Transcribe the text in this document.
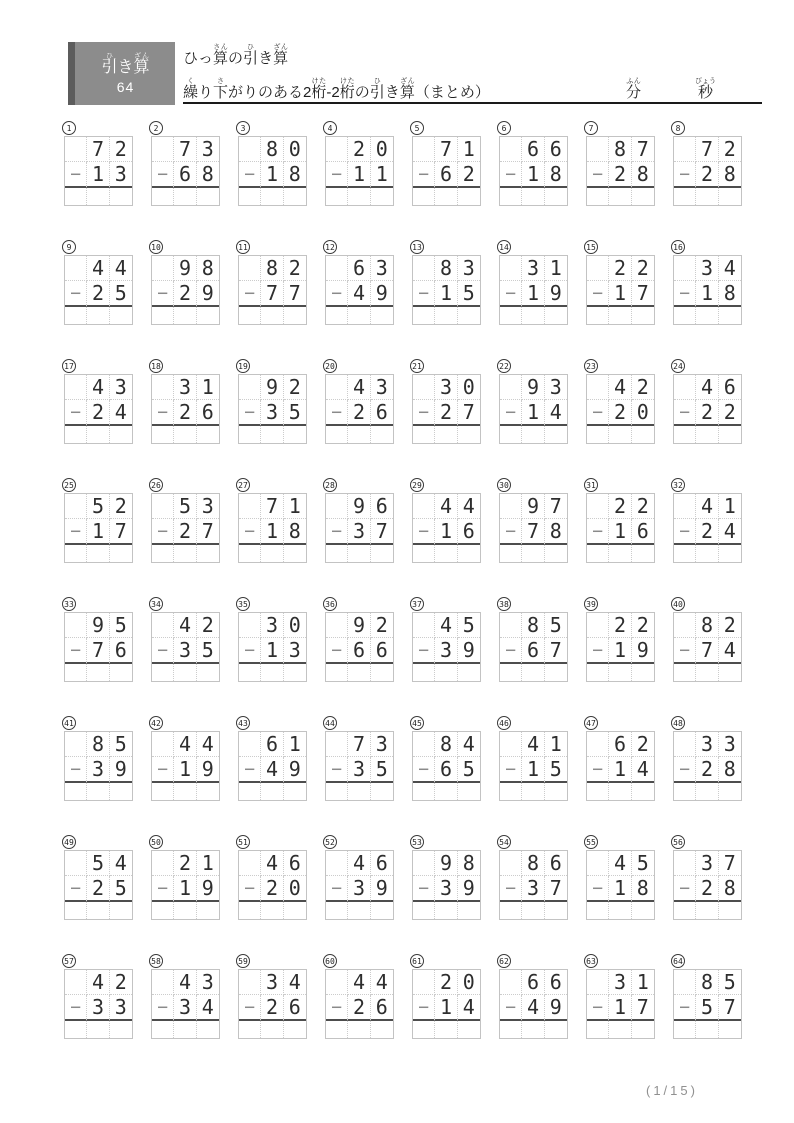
引ひき算ざん
64
ひっ算さんの引ひき算ざん
繰くり下さがりのある2桁けた-2桁けたの引ひき算ざん（まとめ）	分ふん
秒びょう
1
7 2
− 1 3
2
7 3
− 6 8
3
8 0
− 1 8
4
2 0
− 1 1
5
7 1
− 6 2
6
6 6
− 1 8
7
8 7
− 2 8
8
7 2
− 2 8
9
4 4
− 2 5
10
9 8
− 2 9
11
8 2
− 7 7
12
6 3
− 4 9
13
8 3
− 1 5
14
3 1
− 1 9
15
2 2
− 1 7
16
3 4
− 1 8
17
4 3
− 2 4
18
3 1
− 2 6
19
9 2
− 3 5
20
4 3
− 2 6
21
3 0
− 2 7
22
9 3
− 1 4
23
4 2
− 2 0
24
4 6
− 2 2
25
5 2
− 1 7
26
5 3
− 2 7
27
7 1
− 1 8
28
9 6
− 3 7
29
4 4
− 1 6
30
9 7
− 7 8
31
2 2
− 1 6
32
4 1
− 2 4
33
9 5
− 7 6
34
4 2
− 3 5
35
3 0
− 1 3
36
9 2
− 6 6
37
4 5
− 3 9
38
8 5
− 6 7
39
2 2
− 1 9
40
8 2
− 7 4
41
8 5
− 3 9
42
4 4
− 1 9
43
6 1
− 4 9
44
7 3
− 3 5
45
8 4
− 6 5
46
4 1
− 1 5
47
6 2
− 1 4
48
3 3
− 2 8
49
5 4
− 2 5
50
2 1
− 1 9
51
4 6
− 2 0
52
4 6
− 3 9
53
9 8
− 3 9
54
8 6
− 3 7
55
4 5
− 1 8
56
3 7
− 2 8
57
4 2
− 3 3
58
4 3
− 3 4
59
3 4
− 2 6
60
4 4
− 2 6
61
2 0
− 1 4
62
6 6
− 4 9
63
3 1
− 1 7
64
8 5
− 5 7
(1/15)
